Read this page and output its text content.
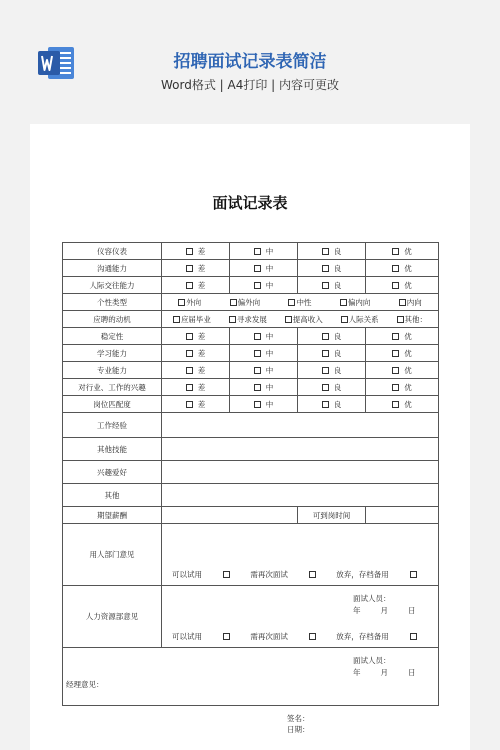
招聘面试记录表简洁
Word格式 | A4打印 | 内容可更改
面试记录表
仪容仪表	差	中	良	优
沟通能力	差	中	良	优
人际交往能力	差	中	良	优
个性类型	外向 偏外向 中性 偏内向 内向			

应聘的动机	应届毕业 寻求发展 提高收入 人际关系 其他：			

稳定性	差	中	良	优
学习能力	差	中	良	优
专业能力	差	中	良	优
对行业、工作的兴趣	差	中	良	优
岗位匹配度	差	中	良	优
工作经验				
其他技能				
兴趣爱好				
其他				
期望薪酬			可到岗时间	
用人部门意见	可以试用 需再次面试 放弃，存档备用
面试人员：
年 月 日			

人力资源部意见	可以试用 需再次面试 放弃，存档备用
面试人员：
年 月 日			

经理意见：
签名：
日期：				
